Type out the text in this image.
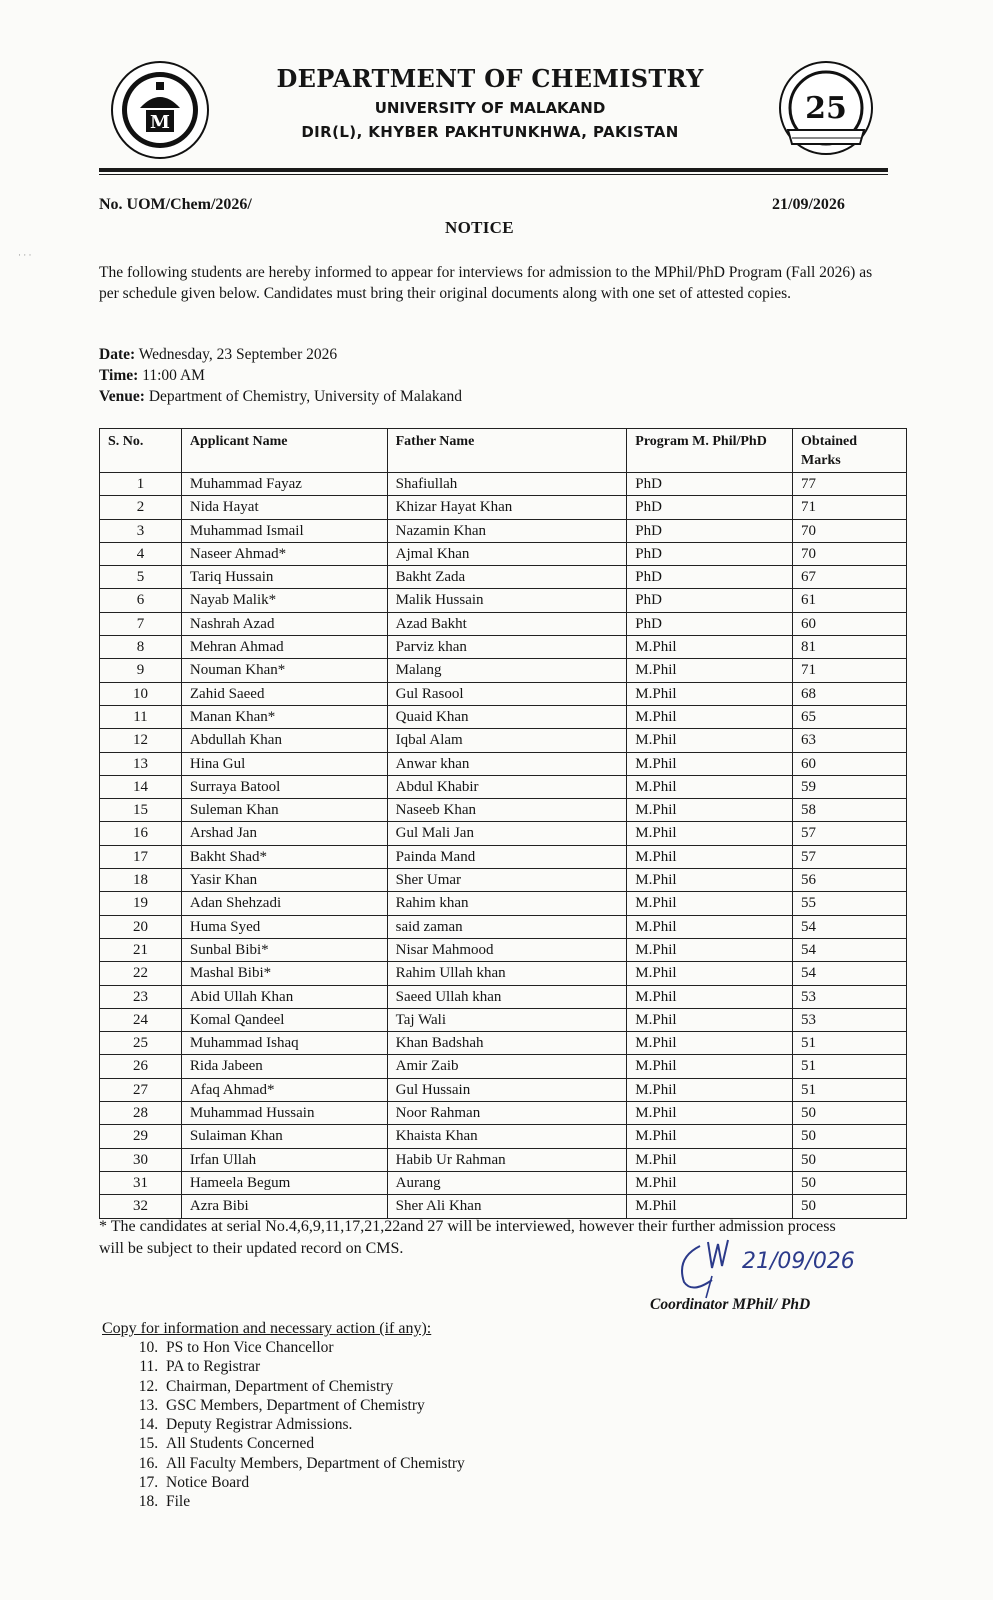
M
DEPARTMENT OF CHEMISTRY
UNIVERSITY OF MALAKAND
DIR(L), KHYBER PAKHTUNKHWA, PAKISTAN
25
No. UOM/Chem/2026/	21/09/2026
NOTICE
· · ·
The following students are hereby informed to appear for interviews for admission to the MPhil/PhD Program (Fall 2026) as per schedule given below. Candidates must bring their original documents along with one set of attested copies.
Date: Wednesday, 23 September 2026
Time: 11:00 AM
Venue: Department of Chemistry, University of Malakand
S. No.	Applicant Name	Father Name	Program M. Phil/PhD	Obtained Marks
1	Muhammad Fayaz	Shafiullah	PhD	77
2	Nida Hayat	Khizar Hayat Khan	PhD	71
3	Muhammad Ismail	Nazamin Khan	PhD	70
4	Naseer Ahmad*	Ajmal Khan	PhD	70
5	Tariq Hussain	Bakht Zada	PhD	67
6	Nayab Malik*	Malik Hussain	PhD	61
7	Nashrah Azad	Azad Bakht	PhD	60
8	Mehran Ahmad	Parviz khan	M.Phil	81
9	Nouman Khan*	Malang	M.Phil	71
10	Zahid Saeed	Gul Rasool	M.Phil	68
11	Manan Khan*	Quaid Khan	M.Phil	65
12	Abdullah Khan	Iqbal Alam	M.Phil	63
13	Hina Gul	Anwar khan	M.Phil	60
14	Surraya Batool	Abdul Khabir	M.Phil	59
15	Suleman Khan	Naseeb Khan	M.Phil	58
16	Arshad Jan	Gul Mali Jan	M.Phil	57
17	Bakht Shad*	Painda Mand	M.Phil	57
18	Yasir Khan	Sher Umar	M.Phil	56
19	Adan Shehzadi	Rahim khan	M.Phil	55
20	Huma Syed	said zaman	M.Phil	54
21	Sunbal Bibi*	Nisar Mahmood	M.Phil	54
22	Mashal Bibi*	Rahim Ullah khan	M.Phil	54
23	Abid Ullah Khan	Saeed Ullah khan	M.Phil	53
24	Komal Qandeel	Taj Wali	M.Phil	53
25	Muhammad Ishaq	Khan Badshah	M.Phil	51
26	Rida Jabeen	Amir Zaib	M.Phil	51
27	Afaq Ahmad*	Gul Hussain	M.Phil	51
28	Muhammad Hussain	Noor Rahman	M.Phil	50
29	Sulaiman Khan	Khaista Khan	M.Phil	50
30	Irfan Ullah	Habib Ur Rahman	M.Phil	50
31	Hameela Begum	Aurang	M.Phil	50
32	Azra Bibi	Sher Ali Khan	M.Phil	50
* The candidates at serial No.4,6,9,11,17,21,22and 27 will be interviewed, however their further admission process will be subject to their updated record on CMS.
21/09/026
Coordinator MPhil/ PhD
Copy for information and necessary action (if any):
10. PS to Hon Vice Chancellor
11. PA to Registrar
12. Chairman, Department of Chemistry
13. GSC Members, Department of Chemistry
14. Deputy Registrar Admissions.
15. All Students Concerned
16. All Faculty Members, Department of Chemistry
17. Notice Board
18. File
